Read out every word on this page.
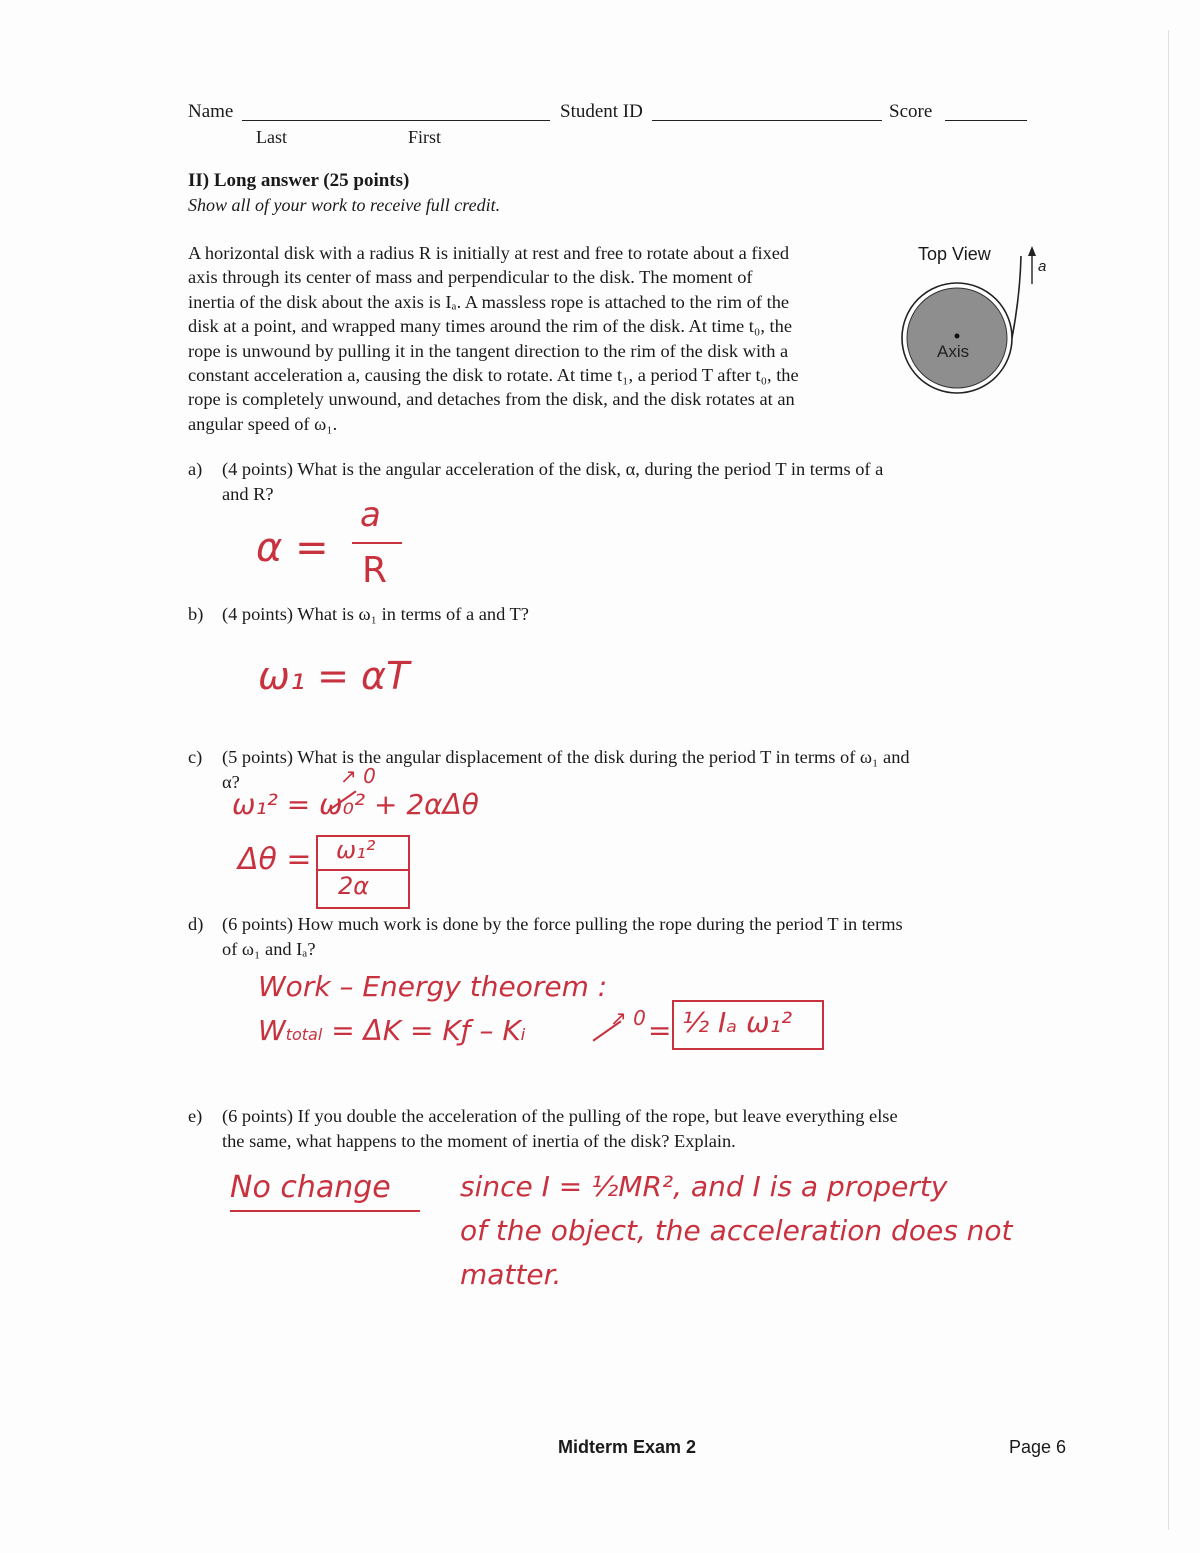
Name
Last	First
Student ID	Score
II) Long answer (25 points)
Show all of your work to receive full credit.
A horizontal disk with a radius R is initially at rest and free to rotate about a fixed
axis through its center of mass and perpendicular to the disk. The moment of
inertia of the disk about the axis is Iₐ. A massless rope is attached to the rim of the
disk at a point, and wrapped many times around the rim of the disk. At time t₀, the
rope is unwound by pulling it in the tangent direction to the rim of the disk with a
constant acceleration a, causing the disk to rotate. At time t₁, a period T after t₀, the
rope is completely unwound, and detaches from the disk, and the disk rotates at an
angular speed of ω₁.
Top View
Axis
a
a) (4 points) What is the angular acceleration of the disk, α, during the period T in terms of a
and R?
α =
a
R
b) (4 points) What is ω₁ in terms of a and T?
ω₁ = αT
c) (5 points) What is the angular displacement of the disk during the period T in terms of ω₁ and
α?	↗ 0
ω₁² = ω₀² + 2αΔθ
Δθ = ω₁²
2α
d) (6 points) How much work is done by the force pulling the rope during the period T in terms
of ω₁ and Iₐ?
Work – Energy theorem :
Wtotal = ΔK = Kƒ – Kᵢ	↗ 0 = ½ Iₐ ω₁²
e) (6 points) If you double the acceleration of the pulling of the rope, but leave everything else
the same, what happens to the moment of inertia of the disk? Explain.
No change since I = ½MR², and I is a property
of the object, the acceleration does not
matter.
Midterm Exam 2	Page 6
